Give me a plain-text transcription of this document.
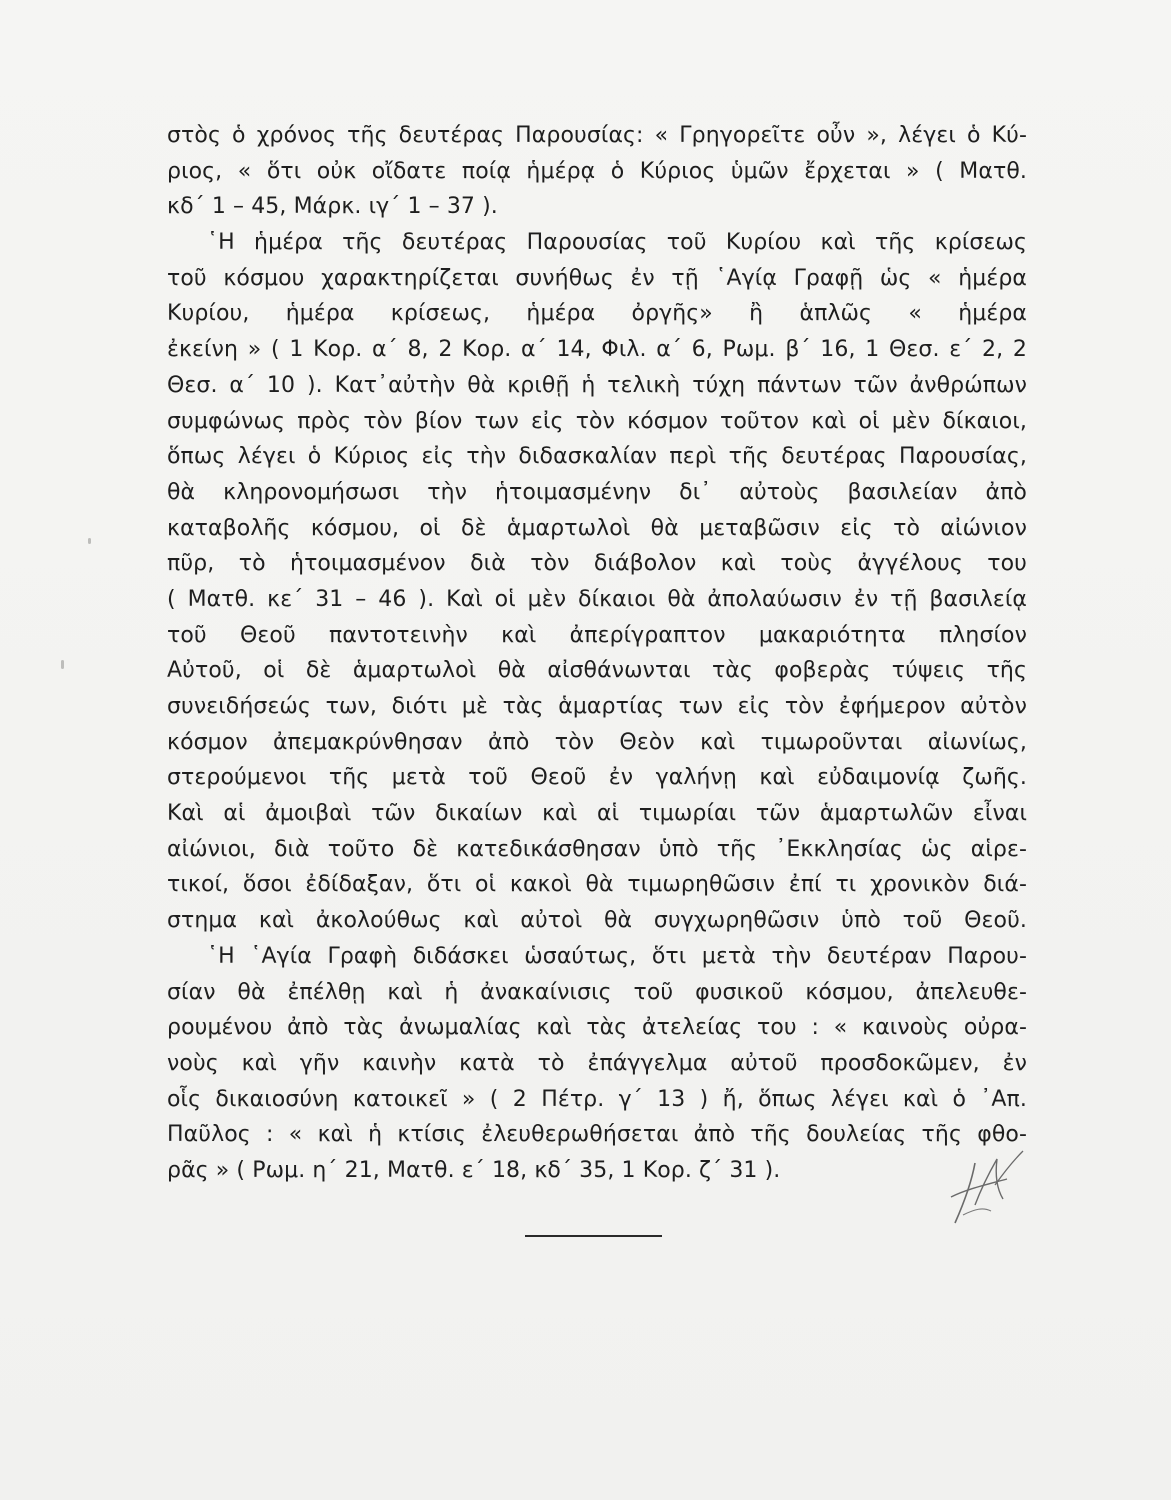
στὸς ὁ χρόνος τῆς δευτέρας Παρουσίας: « Γρηγορεῖτε οὖν », λέγει ὁ Κύ-
ριος, « ὅτι οὐκ οἴδατε ποίᾳ ἡμέρᾳ ὁ Κύριος ὑμῶν ἔρχεται » ( Ματθ.
κδ΄ 1 – 45, Μάρκ. ιγ΄ 1 – 37 ).
῾Η ἡμέρα τῆς δευτέρας Παρουσίας τοῦ Κυρίου καὶ τῆς κρίσεως
τοῦ κόσμου χαρακτηρίζεται συνήθως ἐν τῇ ῾Αγίᾳ Γραφῇ ὡς « ἡμέρα
Κυρίου, ἡμέρα κρίσεως, ἡμέρα ὀργῆς» ἢ ἁπλῶς « ἡμέρα
ἐκείνη » ( 1 Κορ. α΄ 8, 2 Κορ. α΄ 14, Φιλ. α΄ 6, Ρωμ. β΄ 16, 1 Θεσ. ε΄ 2, 2
Θεσ. α΄ 10 ). Κατ᾿αὐτὴν θὰ κριθῇ ἡ τελικὴ τύχη πάντων τῶν ἀνθρώπων
συμφώνως πρὸς τὸν βίον των εἰς τὸν κόσμον τοῦτον καὶ οἱ μὲν δίκαιοι,
ὅπως λέγει ὁ Κύριος εἰς τὴν διδασκαλίαν περὶ τῆς δευτέρας Παρουσίας,
θὰ κληρονομήσωσι τὴν ἡτοιμασμένην δι᾿ αὐτοὺς βασιλείαν ἀπὸ
καταβολῆς κόσμου, οἱ δὲ ἁμαρτωλοὶ θὰ μεταβῶσιν εἰς τὸ αἰώνιον
πῦρ, τὸ ἡτοιμασμένον διὰ τὸν διάβολον καὶ τοὺς ἀγγέλους του
( Ματθ. κε΄ 31 – 46 ). Καὶ οἱ μὲν δίκαιοι θὰ ἀπολαύωσιν ἐν τῇ βασιλείᾳ
τοῦ Θεοῦ παντοτεινὴν καὶ ἀπερίγραπτον μακαριότητα πλησίον
Αὐτοῦ, οἱ δὲ ἁμαρτωλοὶ θὰ αἰσθάνωνται τὰς φοβερὰς τύψεις τῆς
συνειδήσεώς των, διότι μὲ τὰς ἁμαρτίας των εἰς τὸν ἐφήμερον αὐτὸν
κόσμον ἀπεμακρύνθησαν ἀπὸ τὸν Θεὸν καὶ τιμωροῦνται αἰωνίως,
στερούμενοι τῆς μετὰ τοῦ Θεοῦ ἐν γαλήνῃ καὶ εὐδαιμονίᾳ ζωῆς.
Καὶ αἱ ἀμοιβαὶ τῶν δικαίων καὶ αἱ τιμωρίαι τῶν ἁμαρτωλῶν εἶναι
αἰώνιοι, διὰ τοῦτο δὲ κατεδικάσθησαν ὑπὸ τῆς ᾿Εκκλησίας ὡς αἱρε-
τικοί, ὅσοι ἐδίδαξαν, ὅτι οἱ κακοὶ θὰ τιμωρηθῶσιν ἐπί τι χρονικὸν διά-
στημα καὶ ἀκολούθως καὶ αὐτοὶ θὰ συγχωρηθῶσιν ὑπὸ τοῦ Θεοῦ.
῾Η ῾Αγία Γραφὴ διδάσκει ὡσαύτως, ὅτι μετὰ τὴν δευτέραν Παρου-
σίαν θὰ ἐπέλθῃ καὶ ἡ ἀνακαίνισις τοῦ φυσικοῦ κόσμου, ἀπελευθε-
ρουμένου ἀπὸ τὰς ἀνωμαλίας καὶ τὰς ἀτελείας του : « καινοὺς οὐρα-
νοὺς καὶ γῆν καινὴν κατὰ τὸ ἐπάγγελμα αὐτοῦ προσδοκῶμεν, ἐν
οἷς δικαιοσύνη κατοικεῖ » ( 2 Πέτρ. γ΄ 13 ) ἤ, ὅπως λέγει καὶ ὁ ᾿Απ.
Παῦλος : « καὶ ἡ κτίσις ἐλευθερωθήσεται ἀπὸ τῆς δουλείας τῆς φθο-
ρᾶς » ( Ρωμ. η΄ 21, Ματθ. ε΄ 18, κδ΄ 35, 1 Κορ. ζ΄ 31 ).
